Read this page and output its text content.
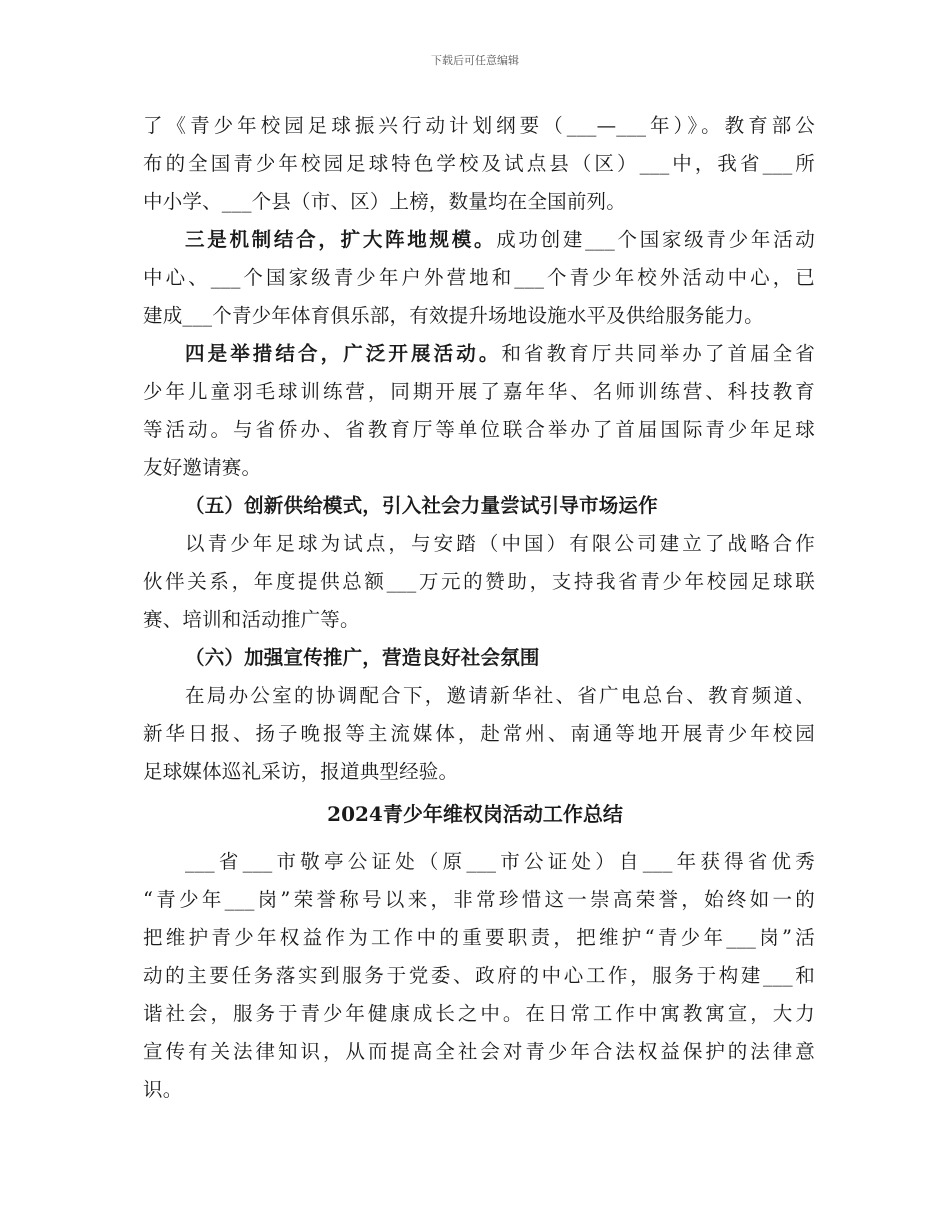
下载后可任意编辑
了《青少年校园足球振兴行动计划纲要（___—___年）》。教育部公
布的全国青少年校园足球特色学校及试点县（区）___中，我省___所
中小学、___个县（市、区）上榜，数量均在全国前列。
三是机制结合，扩大阵地规模。成功创建___个国家级青少年活动
中心、___个国家级青少年户外营地和___个青少年校外活动中心，已
建成___个青少年体育俱乐部，有效提升场地设施水平及供给服务能力。
四是举措结合，广泛开展活动。和省教育厅共同举办了首届全省
少年儿童羽毛球训练营，同期开展了嘉年华、名师训练营、科技教育
等活动。与省侨办、省教育厅等单位联合举办了首届国际青少年足球
友好邀请赛。
（五）创新供给模式，引入社会力量尝试引导市场运作
以青少年足球为试点，与安踏（中国）有限公司建立了战略合作
伙伴关系，年度提供总额___万元的赞助，支持我省青少年校园足球联
赛、培训和活动推广等。
（六）加强宣传推广，营造良好社会氛围
在局办公室的协调配合下，邀请新华社、省广电总台、教育频道、
新华日报、扬子晚报等主流媒体，赴常州、南通等地开展青少年校园
足球媒体巡礼采访，报道典型经验。
2024青少年维权岗活动工作总结
___省___市敬亭公证处（原___市公证处）自___年获得省优秀
“青少年___岗”荣誉称号以来，非常珍惜这一崇高荣誉，始终如一的
把维护青少年权益作为工作中的重要职责，把维护“青少年___岗”活
动的主要任务落实到服务于党委、政府的中心工作，服务于构建___和
谐社会，服务于青少年健康成长之中。在日常工作中寓教寓宣，大力
宣传有关法律知识，从而提高全社会对青少年合法权益保护的法律意
识。
